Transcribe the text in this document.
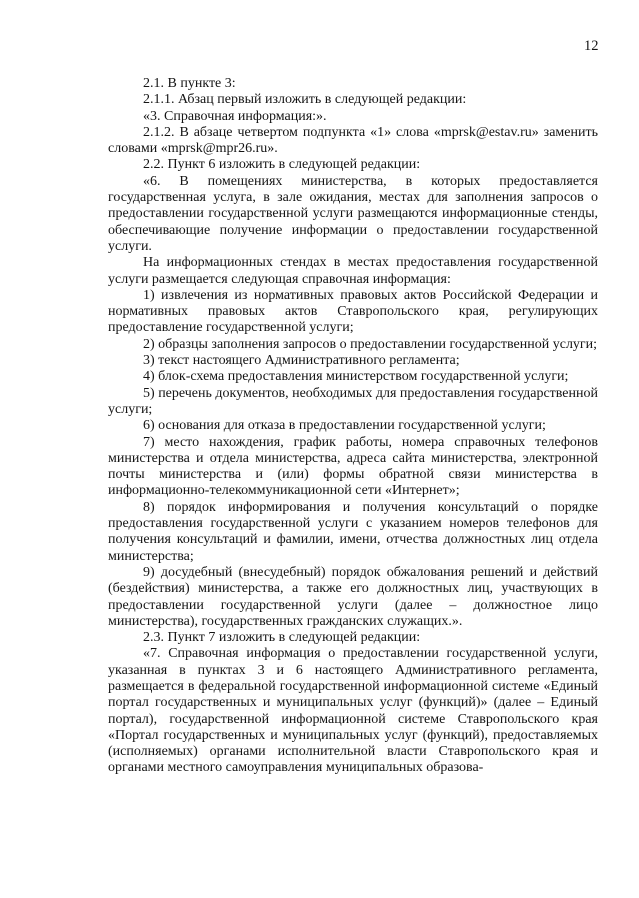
12

2.1. В пункте 3:

2.1.1. Абзац первый изложить в следующей редакции:

«3. Справочная информация:».

2.1.2. В абзаце четвертом подпункта «1» слова «mprsk@estav.ru» заменить словами «mprsk@mpr26.ru».

2.2. Пункт 6 изложить в следующей редакции:

«6. В помещениях министерства, в которых предоставляется государственная услуга, в зале ожидания, местах для заполнения запросов о предоставлении государственной услуги размещаются информационные стенды, обеспечивающие получение информации о предоставлении государственной услуги.

На информационных стендах в местах предоставления государственной услуги размещается следующая справочная информация:

1) извлечения из нормативных правовых актов Российской Федерации и нормативных правовых актов Ставропольского края, регулирующих предоставление государственной услуги;

2) образцы заполнения запросов о предоставлении государственной услуги;

3) текст настоящего Административного регламента;

4) блок-схема предоставления министерством государственной услуги;

5) перечень документов, необходимых для предоставления государственной услуги;

6) основания для отказа в предоставлении государственной услуги;

7) место нахождения, график работы, номера справочных телефонов министерства и отдела министерства, адреса сайта министерства, электронной почты министерства и (или) формы обратной связи министерства в информационно-телекоммуникационной сети «Интернет»;

8) порядок информирования и получения консультаций о порядке предоставления государственной услуги с указанием номеров телефонов для получения консультаций и фамилии, имени, отчества должностных лиц отдела министерства;

9) досудебный (внесудебный) порядок обжалования решений и действий (бездействия) министерства, а также его должностных лиц, участвующих в предоставлении государственной услуги (далее – должностное лицо министерства), государственных гражданских служащих.».

2.3. Пункт 7 изложить в следующей редакции:

«7. Справочная информация о предоставлении государственной услуги, указанная в пунктах 3 и 6 настоящего Административного регламента, размещается в федеральной государственной информационной системе «Единый портал государственных и муниципальных услуг (функций)» (далее – Единый портал), государственной информационной системе Ставропольского края «Портал государственных и муниципальных услуг (функций), предоставляемых (исполняемых) органами исполнительной власти Ставропольского края и органами местного самоуправления муниципальных образова-
